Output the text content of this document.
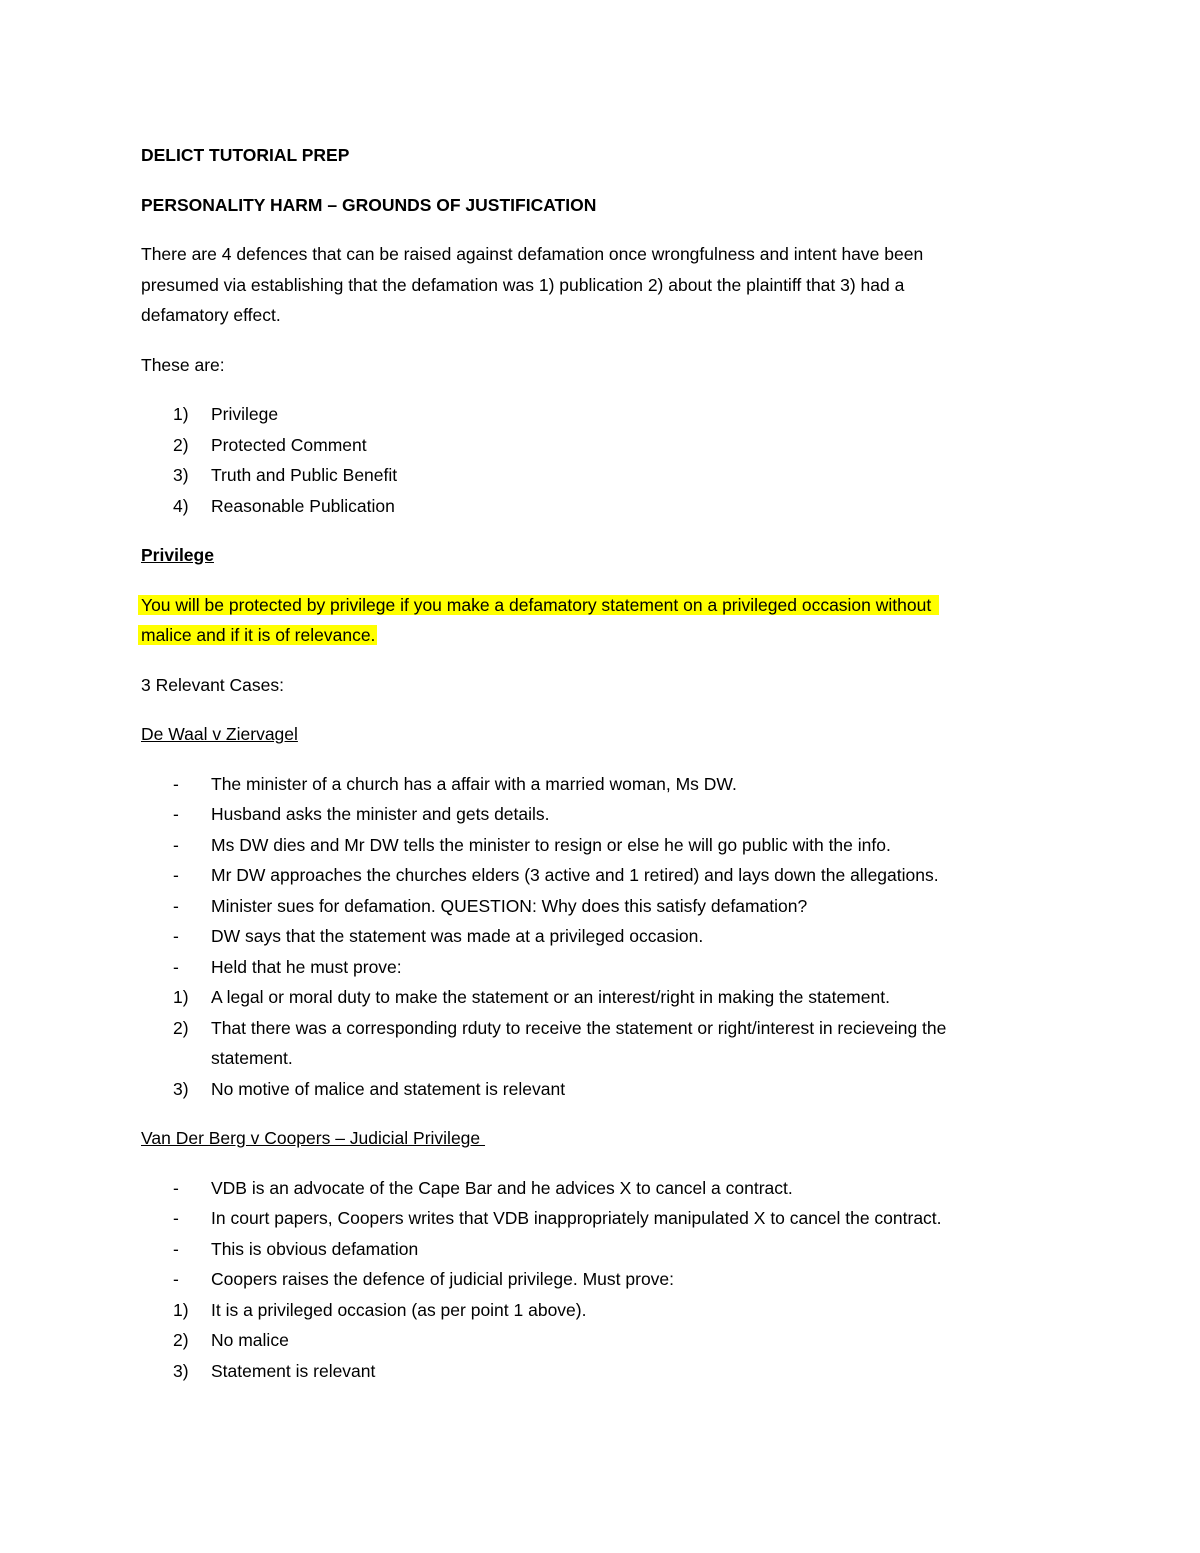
DELICT TUTORIAL PREP
PERSONALITY HARM – GROUNDS OF JUSTIFICATION
There are 4 defences that can be raised against defamation once wrongfulness and intent have been
presumed via establishing that the defamation was 1) publication 2) about the plaintiff that 3) had a
defamatory effect.
These are:
1)	Privilege
2)	Protected Comment
3)	Truth and Public Benefit
4)	Reasonable Publication
Privilege
You will be protected by privilege if you make a defamatory statement on a privileged occasion without
malice and if it is of relevance.
3 Relevant Cases:
De Waal v Ziervagel
-	The minister of a church has a affair with a married woman, Ms DW.
-	Husband asks the minister and gets details.
-	Ms DW dies and Mr DW tells the minister to resign or else he will go public with the info.
-	Mr DW approaches the churches elders (3 active and 1 retired) and lays down the allegations.
-	Minister sues for defamation. QUESTION: Why does this satisfy defamation?
-	DW says that the statement was made at a privileged occasion.
-	Held that he must prove:
1)	A legal or moral duty to make the statement or an interest/right in making the statement.
2)	That there was a corresponding rduty to receive the statement or right/interest in recieveing the
statement.
3)	No motive of malice and statement is relevant
Van Der Berg v Coopers – Judicial Privilege
-	VDB is an advocate of the Cape Bar and he advices X to cancel a contract.
-	In court papers, Coopers writes that VDB inappropriately manipulated X to cancel the contract.
-	This is obvious defamation
-	Coopers raises the defence of judicial privilege. Must prove:
1)	It is a privileged occasion (as per point 1 above).
2)	No malice
3)	Statement is relevant
